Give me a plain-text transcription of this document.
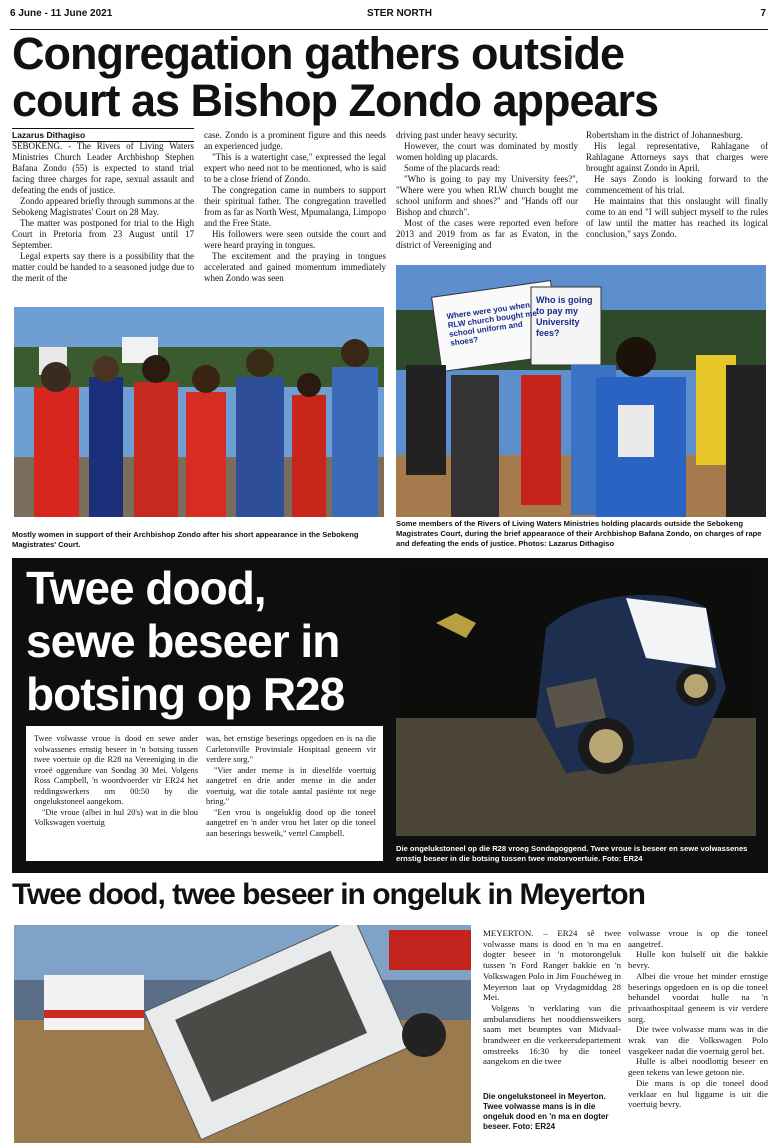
6 June - 11 June 2021	STER NORTH	7
Congregation gathers outside
court as Bishop Zondo appears
Lazarus Dithagiso

SEBOKENG. - The Rivers of Living Waters Ministries Church Leader Archbishop Stephen Bafana Zondo (55) is expected to stand trial facing three charges for rape, sexual assault and defeating the ends of justice.

Zondo appeared briefly through summons at the Sebokeng Magistrates' Court on 28 May.

The matter was postponed for trial to the High Court in Pretoria from 23 August until 17 September.

Legal experts say there is a possibility that the matter could be handed to a seasoned judge due to the merit of the

case. Zondo is a prominent figure and this needs an experienced judge.

"This is a watertight case," expressed the legal expert who need not to be mentioned, who is said to be a close friend of Zondo.

The congregation came in numbers to support their spiritual father. The congregation travelled from as far as North West, Mpumalanga, Limpopo and the Free State.

His followers were seen outside the court and were heard praying in tongues.

The excitement and the praying in tongues accelerated and gained momentum immediately when Zondo was seen

driving past under heavy security.

However, the court was dominated by mostly women holding up placards.

Some of the placards read:

"Who is going to pay my University fees?", "Where were you when RLW church bought me school uniform and shoes?" and "Hands off our Bishop and church".

Most of the cases were reported even before 2013 and 2019 from as far as Evaton, in the district of Vereeniging and

Robertsham in the district of Johannesburg.

His legal representative, Rahlagane of Rahlagane Attorneys says that charges were brought against Zondo in April.

He says Zondo is looking forward to the commencement of his trial.

He maintains that this onslaught will finally come to an end "I will subject myself to the rules of law until the matter has reached its logical conclusion," says Zondo.

Where were you when RLW church bought me school uniform and shoes?
Who is going to pay my University fees?
Mostly women in support of their Archbishop Zondo after his short appearance in the Sebokeng Magistrates' Court.
Some members of the Rivers of Living Waters Ministries holding placards outside the Sebokeng Magistrates Court, during the brief appearance of their Archbishop Bafana Zondo, on charges of rape and defeating the ends of justice. Photos: Lazarus Dithagiso
Twee dood,
sewe beseer in
botsing op R28

Twee volwasse vroue is dood en sewe ander volwassenes ernstig beseer in 'n botsing tussen twee voertuie op die R28 na Vereeniging in die vroeë oggendure van Sondag 30 Mei. Volgens Ross Campbell, 'n woordvoerder vir ER24 het reddingswerkers om 00:50 by die ongelukstoneel aangekom.

"Die vroue (albei in hul 20's) wat in die blou Volkswagen voertuig

was, het ernstige beserings opgedoen en is na die Carletonville Provinsiale Hospitaal geneem vir verdere sorg."

"Vier ander mense is in dieselfde voertuig aangetref en drie ander mense in die ander voertuig, wat die totale aantal pasiënte tot nege bring."

"Een vrou is ongeluklig dood op die toneel aangetref en 'n ander vrou het later op die toneel aan beserings besweik," vertel Campbell.

Die ongelukstoneel op die R28 vroeg Sondagoggend. Twee vroue is beseer en sewe volwassenes ernstig beseer in die botsing tussen twee motorvoertuie. Foto: ER24
Twee dood, twee beseer in ongeluk in Meyerton

MEYERTON. – ER24 sê twee volwasse mans is dood en 'n ma en dogter beseer in 'n motorongeluk tussen 'n Ford Ranger bakkie en 'n Volkswagen Polo in Jim Fouchéweg in Meyerton laat op Vrydagmiddag 28 Mei.

Volgens 'n verklaring van die ambulansdiens het nooddiensweikers saam met beamptes van Midvaal-brandweer en die verkeersdepartement omstreeks 16:30 by die toneel aangekom en die twee

Die ongelukstoneel in Meyerton. Twee volwasse mans is in die ongeluk dood en 'n ma en dogter beseer. Foto: ER24

volwasse vroue is op die toneel aangetref.

Hulle kon hulself uit die bakkie bevry.

Albei die vroue het minder ernstige beserings opgedoen en is op die toneel behandel voordat hulle na 'n privaathospitaal geneem is vir verdere sorg.

Die twee volwasse mans was in die wrak van die Volkswagen Polo vasgekeer nadat die voertuig gerol het.

Hulle is albei noodlottig beseer en geen tekens van lewe getoon nie.

Die mans is op die toneel dood verklaar en hul liggame is uit die voertuig bevry.
